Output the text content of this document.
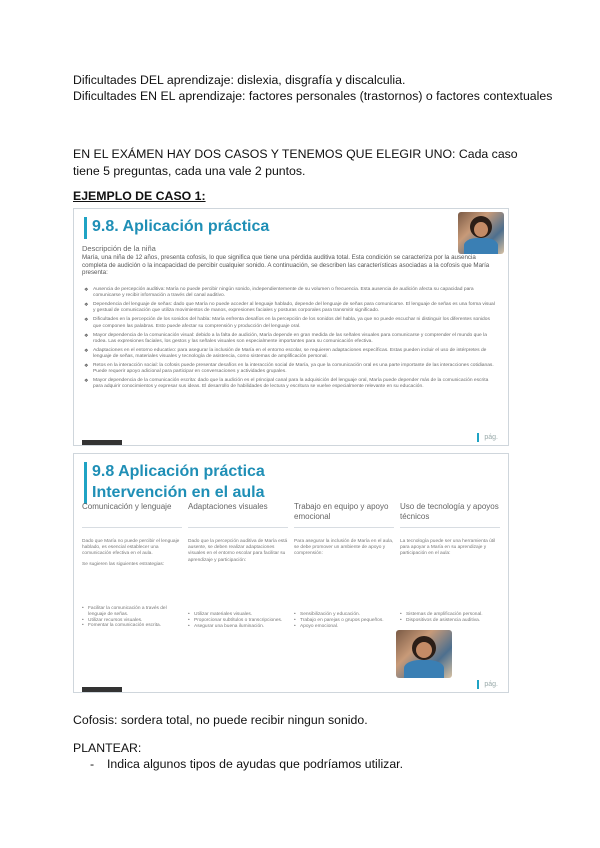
Dificultades DEL aprendizaje: dislexia, disgrafía y discalculia.
Dificultades EN EL aprendizaje: factores personales (trastornos) o factores contextuales
EN EL EXÁMEN HAY DOS CASOS Y TENEMOS QUE ELEGIR UNO: Cada caso tiene 5 preguntas, cada una vale 2 puntos.
EJEMPLO DE CASO 1:
9.8. Aplicación práctica
Descripción de la niña
María, una niña de 12 años, presenta cofosis, lo que significa que tiene una pérdida auditiva total. Esta condición se caracteriza por la ausencia completa de audición o la incapacidad de percibir cualquier sonido. A continuación, se describen las características asociadas a la cofosis que María presenta:
❖ Ausencia de percepción auditiva: María no puede percibir ningún sonido, independientemente de su volumen o frecuencia. Esta ausencia de audición afecta su capacidad para comunicarse y recibir información a través del canal auditivo.
❖ Dependencia del lenguaje de señas: dado que María no puede acceder al lenguaje hablado, depende del lenguaje de señas para comunicarse. El lenguaje de señas es una forma visual y gestual de comunicación que utiliza movimientos de manos, expresiones faciales y posturas corporales para transmitir significado.
❖ Dificultades en la percepción de los sonidos del habla: María enfrenta desafíos en la percepción de los sonidos del habla, ya que no puede escuchar ni distinguir los diferentes sonidos que componen las palabras. Esto puede afectar su comprensión y producción del lenguaje oral.
❖ Mayor dependencia de la comunicación visual: debido a la falta de audición, María depende en gran medida de las señales visuales para comunicarse y comprender el mundo que la rodea. Las expresiones faciales, los gestos y las señales visuales son especialmente importantes para su comunicación efectiva.
❖ Adaptaciones en el entorno educativo: para asegurar la inclusión de María en el entorno escolar, se requieren adaptaciones específicas. Estas pueden incluir el uso de intérpretes de lenguaje de señas, materiales visuales y tecnología de asistencia, como sistemas de amplificación personal.
❖ Retos en la interacción social: la cofosis puede presentar desafíos en la interacción social de María, ya que la comunicación oral es una parte importante de las interacciones cotidianas. Puede requerir apoyo adicional para participar en conversaciones y actividades grupales.
❖ Mayor dependencia de la comunicación escrita: dado que la audición es el principal canal para la adquisición del lenguaje oral, María puede depender más de la comunicación escrita para adquirir conocimientos y expresar sus ideas. El desarrollo de habilidades de lectura y escritura se vuelve especialmente relevante en su educación.
pág.
9.8 Aplicación práctica
Intervención en el aula
Comunicación y lenguaje
Dado que María no puede percibir el lenguaje hablado, es esencial establecer una comunicación efectiva en el aula.
Se sugieren las siguientes estrategias:
Adaptaciones visuales
Dado que la percepción auditiva de María está ausente, se deben realizar adaptaciones visuales en el entorno escolar para facilitar su aprendizaje y participación:
Trabajo en equipo y apoyo emocional
Para asegurar la inclusión de María en el aula, se debe promover un ambiente de apoyo y comprensión:
Uso de tecnología y apoyos técnicos
La tecnología puede ser una herramienta útil para apoyar a María en su aprendizaje y participación en el aula:
• Facilitar la comunicación a través del lenguaje de señas.
• Utilizar recursos visuales.
• Fomentar la comunicación escrita.
• Utilizar materiales visuales.
• Proporcionar subtítulos o transcripciones.
• Asegurar una buena iluminación.
• Sensibilización y educación.
• Trabajo en parejas o grupos pequeños.
• Apoyo emocional.
• Sistemas de amplificación personal.
• Dispositivos de asistencia auditiva.
pág.
Cofosis: sordera total, no puede recibir ningun sonido.
PLANTEAR:
- Indica algunos tipos de ayudas que podríamos utilizar.
